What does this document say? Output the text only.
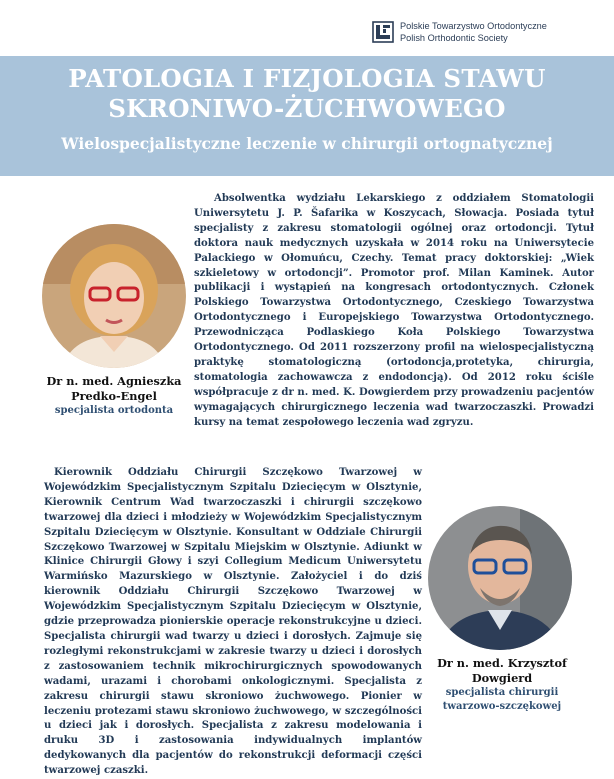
Polskie Towarzystwo Ortodontyczne
Polish Orthodontic Society
PATOLOGIA I FIZJOLOGIA STAWU
SKRONIWO-ŻUCHWOWEGO
Wielospecjalistyczne leczenie w chirurgii ortognatycznej
Dr n. med. Agnieszka
Predko-Engel
specjalista ortodonta

Absolwentka wydziału Lekarskiego z oddziałem Stomatologii Uniwersytetu J. P. Šafarika w Koszycach, Słowacja. Posiada tytuł specjalisty z zakresu stomatologii ogólnej oraz ortodoncji. Tytuł doktora nauk medycznych uzyskała w 2014 roku na Uniwersytecie Palackiego w Ołomuńcu, Czechy. Temat pracy doktorskiej: „Wiek szkieletowy w ortodoncji”. Promotor prof. Milan Kaminek. Autor publikacji i wystąpień na kongresach ortodontycznych. Członek Polskiego Towarzystwa Ortodontycznego, Czeskiego Towarzystwa Ortodontycznego i Europejskiego Towarzystwa Ortodontycznego. Przewodnicząca Podlaskiego Koła Polskiego Towarzystwa Ortodontycznego. Od 2011 rozszerzony profil na wielospecjalistyczną praktykę stomatologiczną (ortodoncja,protetyka, chirurgia, stomatologia zachowawcza z endodoncją). Od 2012 roku ściśle współpracuje z dr n. med. K. Dowgierdem przy prowadzeniu pacjentów wymagających chirurgicznego leczenia wad twarzoczaszki. Prowadzi kursy na temat zespołowego leczenia wad zgryzu.

Kierownik Oddziału Chirurgii Szczękowo Twarzowej w Wojewódzkim Specjalistycznym Szpitalu Dziecięcym w Olsztynie, Kierownik Centrum Wad twarzoczaszki i chirurgii szczękowo twarzowej dla dzieci i młodzieży w Wojewódzkim Specjalistycznym Szpitalu Dziecięcym w Olsztynie. Konsultant w Oddziale Chirurgii Szczękowo Twarzowej w Szpitalu Miejskim w Olsztynie. Adiunkt w Klinice Chirurgii Głowy i szyi Collegium Medicum Uniwersytetu Warmińsko Mazurskiego w Olsztynie. Założyciel i do dziś kierownik Oddziału Chirurgii Szczękowo Twarzowej w Wojewódzkim Specjalistycznym Szpitalu Dziecięcym w Olsztynie, gdzie przeprowadza pionierskie operacje rekonstrukcyjne u dzieci. Specjalista chirurgii wad twarzy u dzieci i dorosłych. Zajmuje się rozległymi rekonstrukcjami w zakresie twarzy u dzieci i dorosłych z zastosowaniem technik mikrochirurgicznych spowodowanych wadami, urazami i chorobami onkologicznymi. Specjalista z zakresu chirurgii stawu skroniowo żuchwowego. Pionier w leczeniu protezami stawu skroniowo żuchwowego, w szczególności u dzieci jak i dorosłych. Specjalista z zakresu modelowania i druku 3D i zastosowania indywidualnych implantów dedykowanych dla pacjentów do rekonstrukcji deformacji części twarzowej czaszki.

Dr n. med. Krzysztof
Dowgierd
specjalista chirurgii
twarzowo-szczękowej
